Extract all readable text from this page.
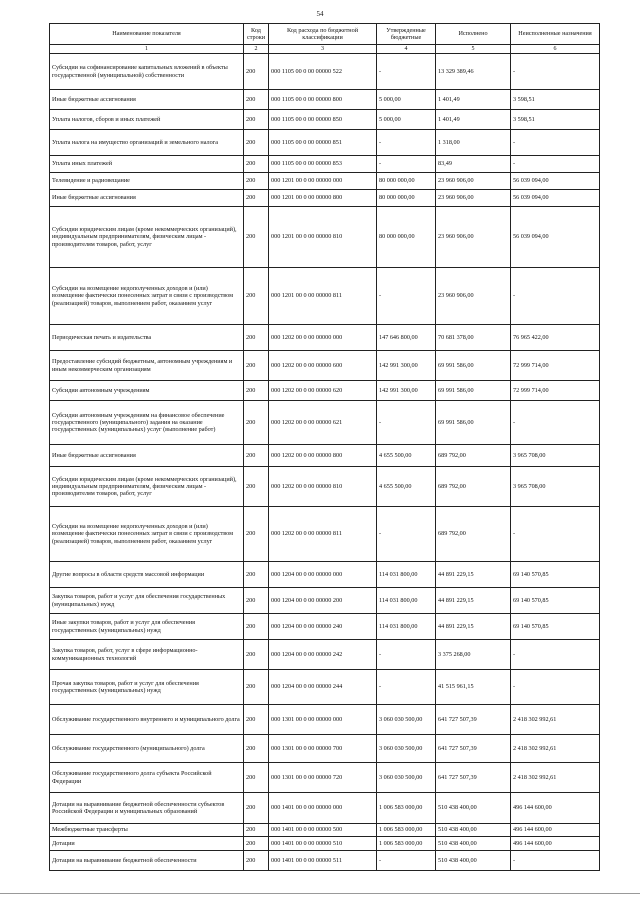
54
Наименование показателя	Код строки	Код расхода по бюджетной классификации	Утвержденные бюджетные	Исполнено	Неисполненные назначения
1	2	3	4	5	6
Субсидии на софинансирование капитальных вложений в объекты государственной (муниципальной) собственности	200	000 1105 00 0 00 00000 522	-	13 329 389,46	-
Иные бюджетные ассигнования	200	000 1105 00 0 00 00000 800	5 000,00	1 401,49	3 598,51
Уплата налогов, сборов и иных платежей	200	000 1105 00 0 00 00000 850	5 000,00	1 401,49	3 598,51
Уплата налога на имущество организаций и земельного налога	200	000 1105 00 0 00 00000 851	-	1 318,00	-
Уплата иных платежей	200	000 1105 00 0 00 00000 853	-	83,49	-
Телевидение и радиовещание	200	000 1201 00 0 00 00000 000	80 000 000,00	23 960 906,00	56 039 094,00
Иные бюджетные ассигнования	200	000 1201 00 0 00 00000 800	80 000 000,00	23 960 906,00	56 039 094,00
Субсидии юридическим лицам (кроме некоммерческих организаций), индивидуальным предпринимателям, физическим лицам - производителям товаров, работ, услуг	200	000 1201 00 0 00 00000 810	80 000 000,00	23 960 906,00	56 039 094,00
Субсидии на возмещение недополученных доходов и (или) возмещение фактически понесенных затрат в связи с производством (реализацией) товаров, выполнением работ, оказанием услуг	200	000 1201 00 0 00 00000 811	-	23 960 906,00	-
Периодическая печать и издательства	200	000 1202 00 0 00 00000 000	147 646 800,00	70 681 378,00	76 965 422,00
Предоставление субсидий бюджетным, автономным учреждениям и иным некоммерческим организациям	200	000 1202 00 0 00 00000 600	142 991 300,00	69 991 586,00	72 999 714,00
Субсидии автономным учреждениям	200	000 1202 00 0 00 00000 620	142 991 300,00	69 991 586,00	72 999 714,00
Субсидии автономным учреждениям на финансовое обеспечение государственного (муниципального) задания на оказание государственных (муниципальных) услуг (выполнение работ)	200	000 1202 00 0 00 00000 621	-	69 991 586,00	-
Иные бюджетные ассигнования	200	000 1202 00 0 00 00000 800	4 655 500,00	689 792,00	3 965 708,00
Субсидии юридическим лицам (кроме некоммерческих организаций), индивидуальным предпринимателям, физическим лицам - производителям товаров, работ, услуг	200	000 1202 00 0 00 00000 810	4 655 500,00	689 792,00	3 965 708,00
Субсидии на возмещение недополученных доходов и (или) возмещение фактически понесенных затрат в связи с производством (реализацией) товаров, выполнением работ, оказанием услуг	200	000 1202 00 0 00 00000 811	-	689 792,00	-
Другие вопросы в области средств массовой информации	200	000 1204 00 0 00 00000 000	114 031 800,00	44 891 229,15	69 140 570,85
Закупка товаров, работ и услуг для обеспечения государственных (муниципальных) нужд	200	000 1204 00 0 00 00000 200	114 031 800,00	44 891 229,15	69 140 570,85
Иные закупки товаров, работ и услуг для обеспечения государственных (муниципальных) нужд	200	000 1204 00 0 00 00000 240	114 031 800,00	44 891 229,15	69 140 570,85
Закупка товаров, работ, услуг в сфере информационно-коммуникационных технологий	200	000 1204 00 0 00 00000 242	-	3 375 268,00	-
Прочая закупка товаров, работ и услуг для обеспечения государственных (муниципальных) нужд	200	000 1204 00 0 00 00000 244	-	41 515 961,15	-
Обслуживание государственного внутреннего и муниципального долга	200	000 1301 00 0 00 00000 000	3 060 030 500,00	641 727 507,39	2 418 302 992,61
Обслуживание государственного (муниципального) долга	200	000 1301 00 0 00 00000 700	3 060 030 500,00	641 727 507,39	2 418 302 992,61
Обслуживание государственного долга субъекта Российской Федерации	200	000 1301 00 0 00 00000 720	3 060 030 500,00	641 727 507,39	2 418 302 992,61
Дотации на выравнивание бюджетной обеспеченности субъектов Российской Федерации и муниципальных образований	200	000 1401 00 0 00 00000 000	1 006 583 000,00	510 438 400,00	496 144 600,00
Межбюджетные трансферты	200	000 1401 00 0 00 00000 500	1 006 583 000,00	510 438 400,00	496 144 600,00
Дотации	200	000 1401 00 0 00 00000 510	1 006 583 000,00	510 438 400,00	496 144 600,00
Дотации на выравнивание бюджетной обеспеченности	200	000 1401 00 0 00 00000 511	-	510 438 400,00	-
